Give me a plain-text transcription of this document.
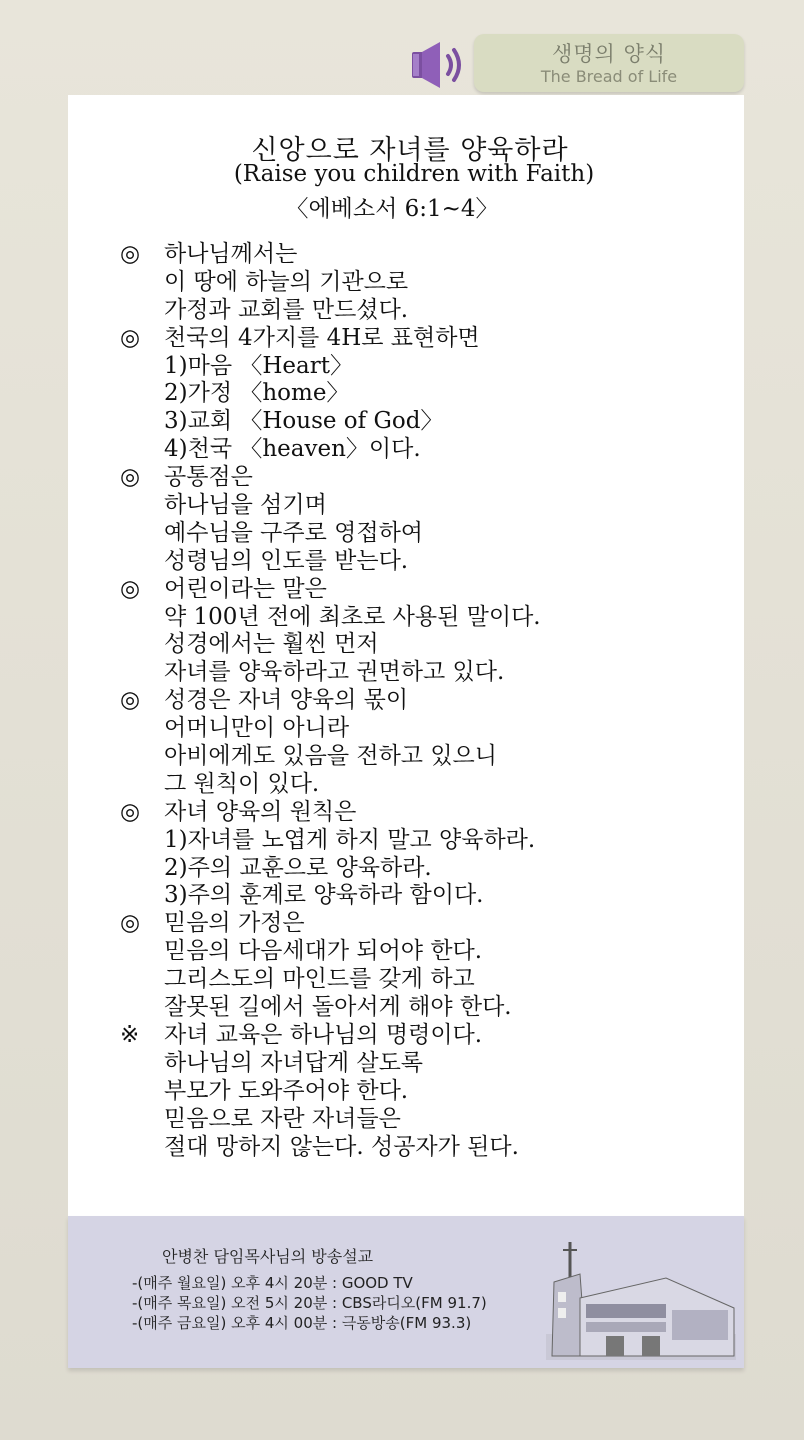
생명의 양식
The Bread of Life
신앙으로 자녀를 양육하라
(Raise you children with Faith)
〈에베소서 6:1~4〉
◎ 하나님께서는
이 땅에 하늘의 기관으로
가정과 교회를 만드셨다.
◎ 천국의 4가지를 4H로 표현하면
1)마음 〈Heart〉
2)가정 〈home〉
3)교회 〈House of God〉
4)천국 〈heaven〉이다.
◎ 공통점은
하나님을 섬기며
예수님을 구주로 영접하여
성령님의 인도를 받는다.
◎ 어린이라는 말은
약 100년 전에 최초로 사용된 말이다.
성경에서는 훨씬 먼저
자녀를 양육하라고 권면하고 있다.
◎ 성경은 자녀 양육의 몫이
어머니만이 아니라
아비에게도 있음을 전하고 있으니
그 원칙이 있다.
◎ 자녀 양육의 원칙은
1)자녀를 노엽게 하지 말고 양육하라.
2)주의 교훈으로 양육하라.
3)주의 훈계로 양육하라 함이다.
◎ 믿음의 가정은
믿음의 다음세대가 되어야 한다.
그리스도의 마인드를 갖게 하고
잘못된 길에서 돌아서게 해야 한다.
※ 자녀 교육은 하나님의 명령이다.
하나님의 자녀답게 살도록
부모가 도와주어야 한다.
믿음으로 자란 자녀들은
절대 망하지 않는다. 성공자가 된다.
안병찬 담임목사님의 방송설교
-(매주 월요일) 오후 4시 20분 : GOOD TV
-(매주 목요일) 오전 5시 20분 : CBS라디오(FM 91.7)
-(매주 금요일) 오후 4시 00분 : 극동방송(FM 93.3)
